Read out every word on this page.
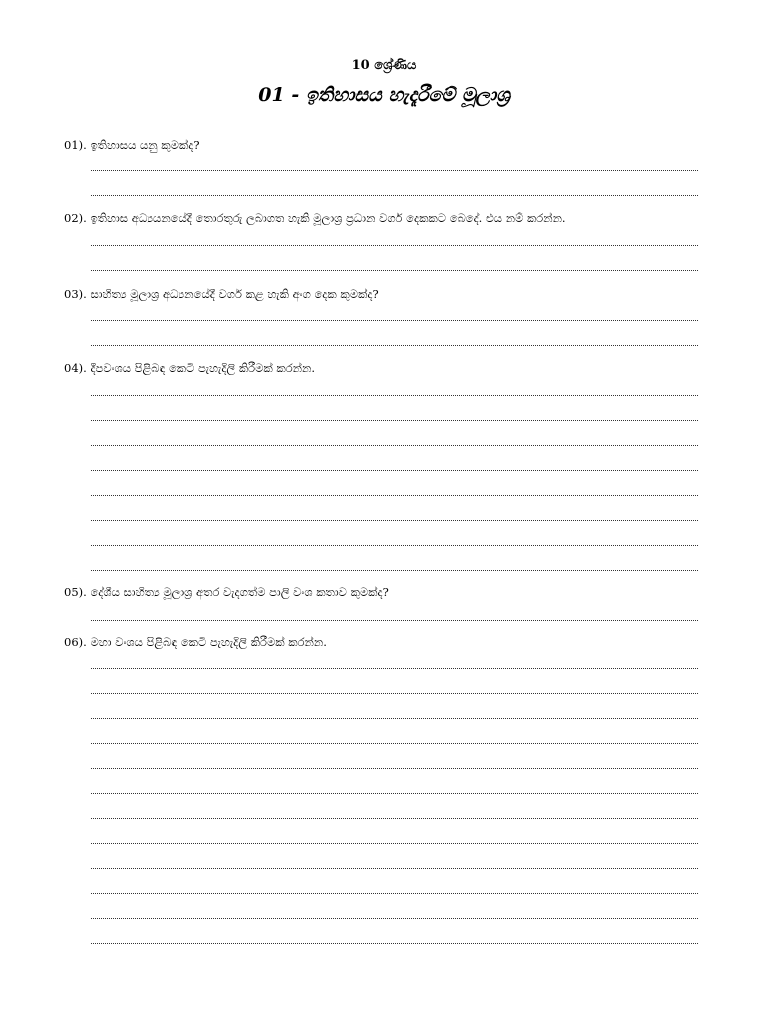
10 ශ්‍රේණිය
01 - ඉතිහාසය හැදෑරීමේ මූලාශ්‍ර
01). ඉතිහාසය යනු කුමක්ද?
02). ඉතිහාස අධ්‍යයනයේදී තොරතුරු ලබාගත හැකි මූලාශ්‍ර ප්‍රධාන වර්ග දෙකකට බෙදේ. එය නම් කරන්න.
03). සාහිත්‍ය මූලාශ්‍ර අධ්‍යනයේදී වර්ග කළ හැකි අංග දෙක කුමක්ද?
04). දීපවංශය පිළිබඳ කෙටි පැහැදිලි කිරීමක් කරන්න.
05). දේශීය සාහිත්‍ය මූලාශ්‍ර අතර වැදගත්ම පාලි වංශ කතාව කුමක්ද?
06). මහා වංශය පිළිබඳ කෙටි පැහැදිලි කිරීමක් කරන්න.
